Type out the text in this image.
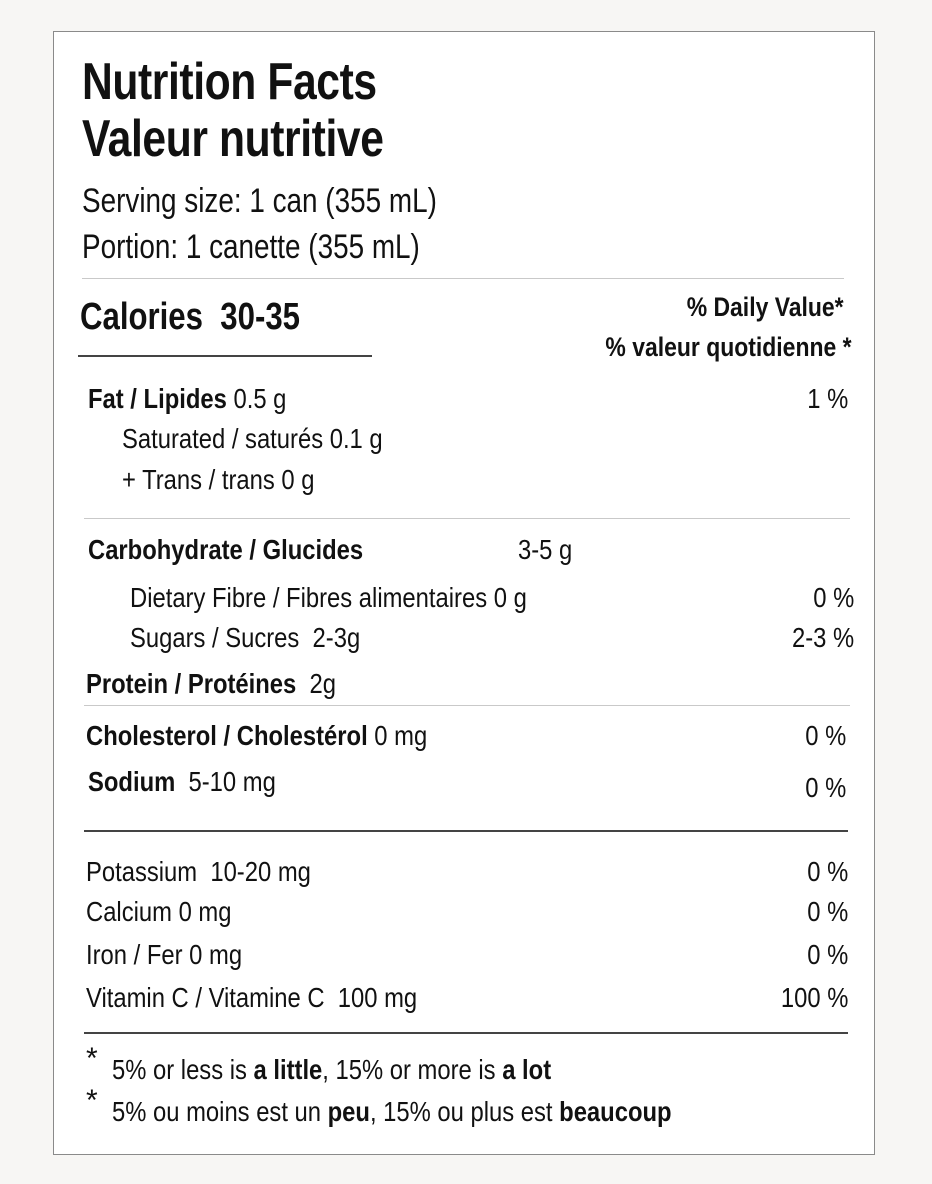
Nutrition Facts
Valeur nutritive
Serving size: 1 can (355 mL)
Portion: 1 canette (355 mL)
Calories 30-35	% Daily Value*
% valeur quotidienne *
Fat / Lipides 0.5 g	1 %
Saturated / saturés 0.1 g
+ Trans / trans 0 g
Carbohydrate / Glucides	3-5 g
Dietary Fibre / Fibres alimentaires 0 g	0 %
Sugars / Sucres 2-3g	2-3 %
Protein / Protéines 2g
Cholesterol / Cholestérol 0 mg	0 %
Sodium 5-10 mg	0 %
Potassium 10-20 mg	0 %
Calcium 0 mg	0 %
Iron / Fer 0 mg	0 %
Vitamin C / Vitamine C 100 mg	100 %
* 5% or less is a little, 15% or more is a lot
* 5% ou moins est un peu, 15% ou plus est beaucoup
